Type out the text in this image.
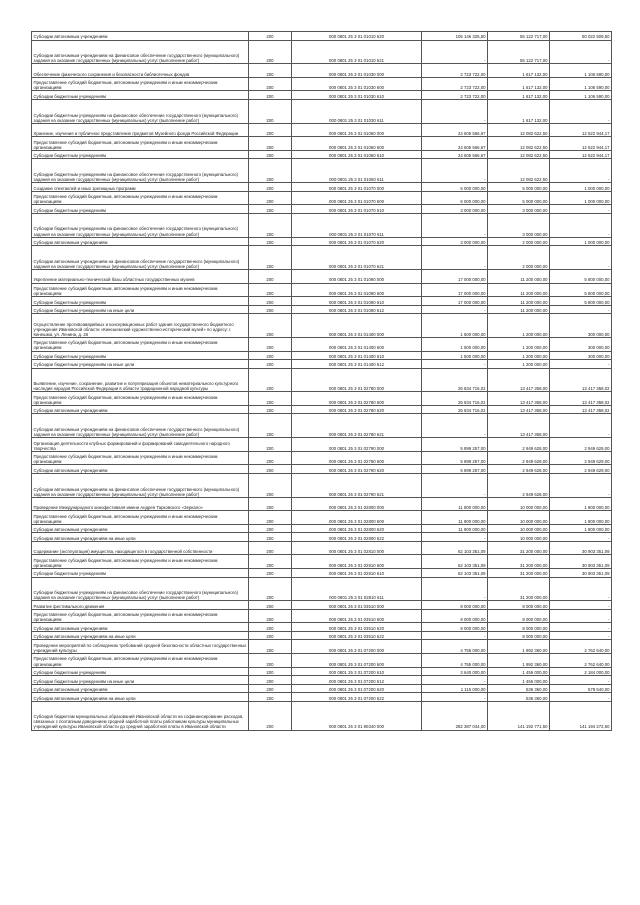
Субсидии автономным учреждениям	200	000 0801 25 3 01 01010 620	105 146 325,50	55 122 717,00	50 022 509,50
Субсидии автономным учреждениям на финансовое обеспечение государственного (муниципального) задания на оказание государственных (муниципальных) услуг (выполнение работ)	200	000 0801 25 3 01 01010 621	-	55 122 717,00	-
Обеспечение физического сохранения и безопасности библиотечных фондов	200	000 0801 25 3 01 01030 000	2 723 722,00	1 617 132,00	1 106 590,00
Предоставление субсидий бюджетным, автономным учреждениям и иным некоммерческим организациям	200	000 0801 25 3 01 01030 600	2 723 722,00	1 617 132,00	1 106 590,00
Субсидии бюджетным учреждениям	200	000 0801 25 3 01 01030 610	2 723 722,00	1 617 132,00	1 106 590,00
Субсидии бюджетным учреждениям на финансовое обеспечение государственного (муниципального) задания на оказание государственных (муниципальных) услуг (выполнение работ)	200	000 0801 25 3 01 01030 611	-	1 617 132,00	-
Хранение, изучение и публичное представление предметов Музейного фонда Российской Федерации	200	000 0801 25 3 01 01060 000	24 605 566,67	12 082 622,50	12 522 944,17
Предоставление субсидий бюджетным, автономным учреждениям и иным некоммерческим организациям	200	000 0801 25 3 01 01060 600	24 605 566,67	12 082 622,50	12 522 944,17
Субсидии бюджетным учреждениям	200	000 0801 25 3 01 01060 610	24 605 566,67	12 082 622,50	12 522 944,17
Субсидии бюджетным учреждениям на финансовое обеспечение государственного (муниципального) задания на оказание государственных (муниципальных) услуг (выполнение работ)	200	000 0801 25 3 01 01060 611	-	12 082 622,50	-
Создание спектаклей и иных зрелищных программ	200	000 0801 25 3 01 01070 000	6 000 000,00	5 000 000,00	1 000 000,00
Предоставление субсидий бюджетным, автономным учреждениям и иным некоммерческим организациям	200	000 0801 25 3 01 01070 600	6 000 000,00	5 000 000,00	1 000 000,00
Субсидии бюджетным учреждениям	200	000 0801 25 3 01 01070 610	3 000 000,00	3 000 000,00	-
Субсидии бюджетным учреждениям на финансовое обеспечение государственного (муниципального) задания на оказание государственных (муниципальных) услуг (выполнение работ)	200	000 0801 25 3 01 01070 611	-	3 000 000,00	-
Субсидии автономным учреждениям	200	000 0801 25 3 01 01070 620	3 000 000,00	2 000 000,00	1 000 000,00
Субсидии автономным учреждениям на финансовое обеспечение государственного (муниципального) задания на оказание государственных (муниципальных) услуг (выполнение работ)	200	000 0801 25 3 01 01070 621	-	2 000 000,00	-
Укрепление материально-технической базы областных государственных музеев	200	000 0801 25 3 01 01090 000	17 000 000,00	11 200 000,00	5 800 000,00
Предоставление субсидий бюджетным, автономным учреждениям и иным некоммерческим организациям	200	000 0801 25 3 01 01090 600	17 000 000,00	11 200 000,00	5 800 000,00
Субсидии бюджетным учреждениям	200	000 0801 25 3 01 01090 610	17 000 000,00	11 200 000,00	5 800 000,00
Субсидии бюджетным учреждениям на иные цели	200	000 0801 25 3 01 01090 612	-	11 200 000,00	-
Осуществление противоаварийных и консервационных работ здания государственного бюджетного учреждения Ивановской области «Кинешемский художественно-исторический музей» по адресу: г. Кинешма, ул. Ленина, д. 26	200	000 0801 25 3 01 01400 000	1 500 000,00	1 200 000,00	300 000,00
Предоставление субсидий бюджетным, автономным учреждениям и иным некоммерческим организациям	200	000 0801 25 3 01 01400 600	1 500 000,00	1 200 000,00	300 000,00
Субсидии бюджетным учреждениям	200	000 0801 25 3 01 01400 610	1 500 000,00	1 200 000,00	300 000,00
Субсидии бюджетным учреждениям на иные цели	200	000 0801 25 3 01 01400 612	-	1 200 000,00	-
Выявление, изучение, сохранение, развитие и популяризация объектов нематериального культурного наследия народов Российской Федерации в области традиционной народной культуры	200	000 0801 25 3 01 02780 000	26 834 716,02	13 417 358,00	13 417 358,02
Предоставление субсидий бюджетным, автономным учреждениям и иным некоммерческим организациям	200	000 0801 25 3 01 02780 600	26 834 716,02	13 417 358,00	13 417 358,02
Субсидии автономным учреждениям	200	000 0801 25 3 01 02780 620	26 834 716,02	13 417 358,00	13 417 358,02
Субсидии автономным учреждениям на финансовое обеспечение государственного (муниципального) задания на оказание государственных (муниципальных) услуг (выполнение работ)	200	000 0801 25 3 01 02780 621	-	13 417 358,00	-
Организация деятельности клубных формирований и формирований самодеятельного народного творчества	200	000 0801 25 3 01 02790 000	5 899 257,00	2 949 628,00	2 949 629,00
Предоставление субсидий бюджетным, автономным учреждениям и иным некоммерческим организациям	200	000 0801 25 3 01 02790 600	5 899 257,00	2 949 628,00	2 949 629,00
Субсидии автономным учреждениям	200	000 0801 25 3 01 02790 620	5 899 257,00	2 949 628,00	2 949 629,00
Субсидии автономным учреждениям на финансовое обеспечение государственного (муниципального) задания на оказание государственных (муниципальных) услуг (выполнение работ)	200	000 0801 25 3 01 02790 621	-	2 949 628,00	-
Проведение Международного кинофестиваля имени Андрея Тарковского «Зеркало»	200	000 0801 25 3 01 02800 000	11 800 000,00	10 000 000,00	1 800 000,00
Предоставление субсидий бюджетным, автономным учреждениям и иным некоммерческим организациям	200	000 0801 25 3 01 02800 600	11 800 000,00	10 000 000,00	1 800 000,00
Субсидии автономным учреждениям	200	000 0801 25 3 01 02800 620	11 800 000,00	10 000 000,00	1 800 000,00
Субсидии автономным учреждениям на иные цели	200	000 0801 25 3 01 02800 622	-	10 000 000,00	-
Содержание (эксплуатация) имущества, находящегося в государственной собственности	200	000 0801 25 3 01 02810 000	62 103 351,09	31 200 000,00	30 903 351,09
Предоставление субсидий бюджетным, автономным учреждениям и иным некоммерческим организациям	200	000 0801 25 3 01 02810 600	62 103 351,09	31 200 000,00	30 903 351,09
Субсидии бюджетным учреждениям	200	000 0801 25 3 01 02810 610	62 103 351,09	31 200 000,00	30 903 351,09
Субсидии бюджетным учреждениям на финансовое обеспечение государственного (муниципального) задания на оказание государственных (муниципальных) услуг (выполнение работ)	200	000 0801 25 3 01 02810 611	-	31 200 000,00	-
Развитие фестивального движения	200	000 0801 25 3 01 03510 000	8 000 000,00	8 000 000,00	-
Предоставление субсидий бюджетным, автономным учреждениям и иным некоммерческим организациям	200	000 0801 25 3 01 03510 600	8 000 000,00	8 000 000,00	-
Субсидии автономным учреждениям	200	000 0801 25 3 01 03510 620	8 000 000,00	8 000 000,00	-
Субсидии автономным учреждениям на иные цели	200	000 0801 25 3 01 03510 622	-	8 000 000,00	-
Проведение мероприятий по соблюдению требований средней безопасности областных государственных учреждений культуры	200	000 0801 25 3 01 07200 000	4 755 000,00	1 992 360,00	2 762 640,00
Предоставление субсидий бюджетным, автономным учреждениям и иным некоммерческим организациям	200	000 0801 25 3 01 07200 600	4 755 000,00	1 992 360,00	2 762 640,00
Субсидии бюджетным учреждениям	200	000 0801 25 3 01 07200 610	3 640 000,00	1 456 000,00	2 184 000,00
Субсидии бюджетным учреждениям на иные цели	200	000 0801 25 3 01 07200 612	-	1 456 000,00	-
Субсидии автономным учреждениям	200	000 0801 25 3 01 07200 620	1 115 000,00	536 360,00	578 640,00
Субсидии автономным учреждениям на иные цели	200	000 0801 25 3 01 07200 622	-	536 360,00	-
Субсидия бюджетам муниципальных образований Ивановской области на софинансирование расходов, связанных с поэтапным доведением средней заработной платы работникам культуры муниципальных учреждений культуры Ивановской области до средней заработной платы в Ивановской области	200	000 0801 25 3 01 80340 000	282 387 044,00	141 192 771,50	141 194 272,50
